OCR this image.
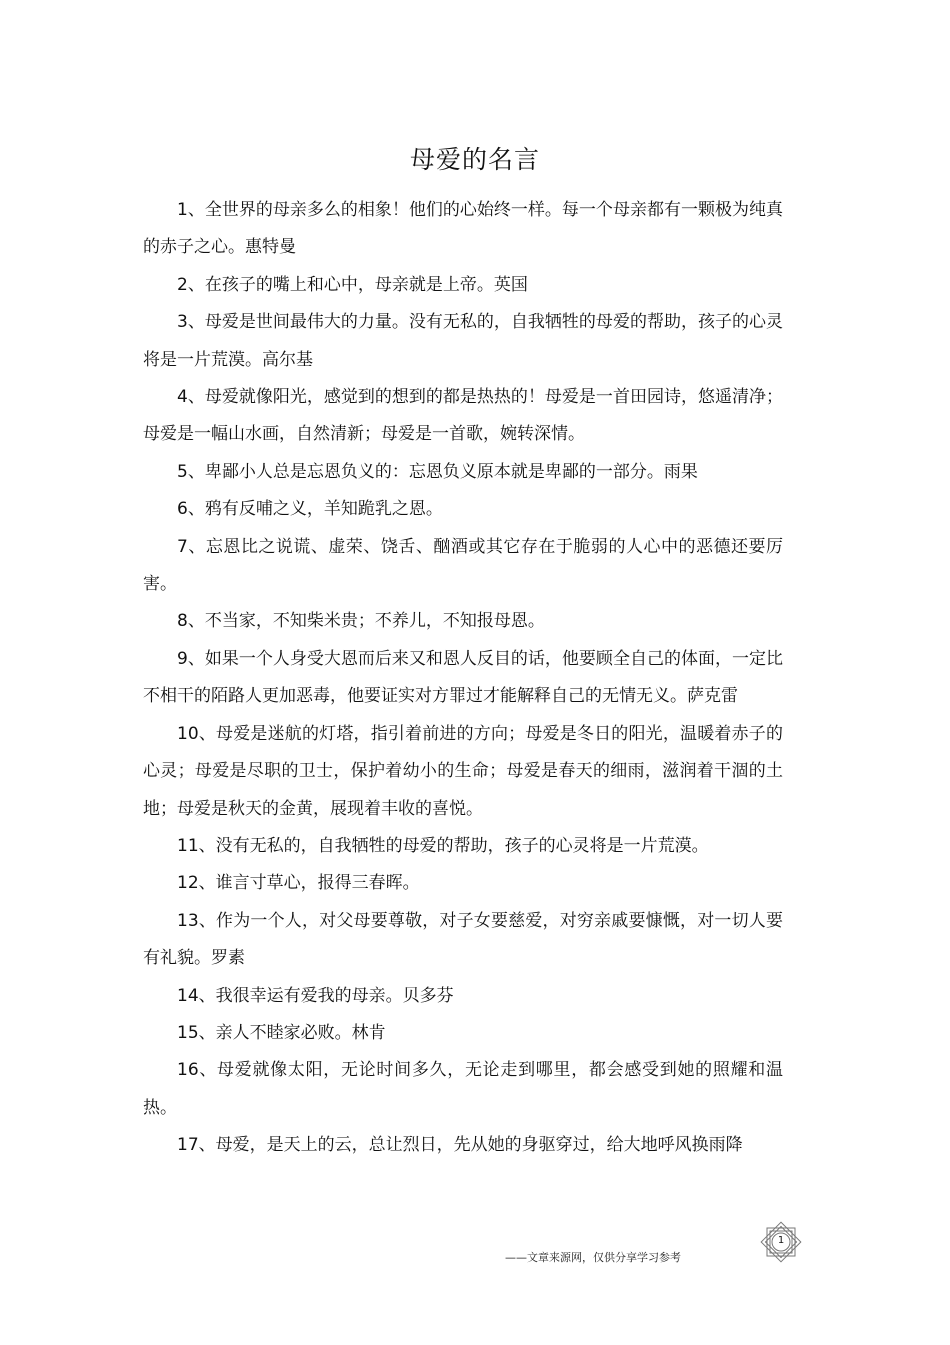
母爱的名言

1、全世界的母亲多么的相象！他们的心始终一样。每一个母亲都有一颗极为纯真的赤子之心。惠特曼

2、在孩子的嘴上和心中，母亲就是上帝。英国

3、母爱是世间最伟大的力量。没有无私的，自我牺牲的母爱的帮助，孩子的心灵将是一片荒漠。高尔基

4、母爱就像阳光，感觉到的想到的都是热热的！母爱是一首田园诗，悠遥清净；母爱是一幅山水画，自然清新；母爱是一首歌，婉转深情。

5、卑鄙小人总是忘恩负义的：忘恩负义原本就是卑鄙的一部分。雨果

6、鸦有反哺之义，羊知跪乳之恩。

7、忘恩比之说谎、虚荣、饶舌、酗酒或其它存在于脆弱的人心中的恶德还要厉害。

8、不当家，不知柴米贵；不养儿，不知报母恩。

9、如果一个人身受大恩而后来又和恩人反目的话，他要顾全自己的体面，一定比不相干的陌路人更加恶毒，他要证实对方罪过才能解释自己的无情无义。萨克雷

10、母爱是迷航的灯塔，指引着前进的方向；母爱是冬日的阳光，温暖着赤子的心灵；母爱是尽职的卫士，保护着幼小的生命；母爱是春天的细雨，滋润着干涸的土地；母爱是秋天的金黄，展现着丰收的喜悦。

11、没有无私的，自我牺牲的母爱的帮助，孩子的心灵将是一片荒漠。

12、谁言寸草心，报得三春晖。

13、作为一个人，对父母要尊敬，对子女要慈爱，对穷亲戚要慷慨，对一切人要有礼貌。罗素

14、我很幸运有爱我的母亲。贝多芬

15、亲人不睦家必败。林肯

16、母爱就像太阳，无论时间多久，无论走到哪里，都会感受到她的照耀和温热。

17、母爱，是天上的云，总让烈日，先从她的身驱穿过，给大地呼风换雨降

——文章来源网，仅供分享学习参考
1
